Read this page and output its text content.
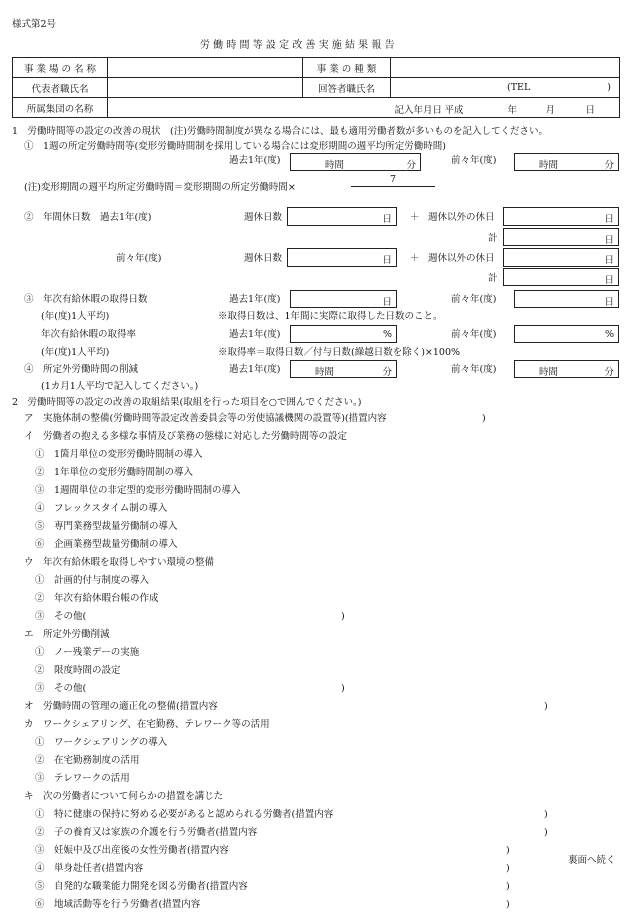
様式第2号
労 働 時 間 等 設 定 改 善 実 施 結 果 報 告
事 業 場 の 名 称		事 業 の 種 類	
代表者職氏名		回答者職氏名	(TEL )

所属集団の名称			記入年月日 平成 年 月 日
1　労働時間等の設定の改善の現状　(注)労働時間制度が異なる場合には、最も適用労働者数が多いものを記入してください。
①　1週の所定労働時間等(変形労働時間制を採用している場合には変形期間の週平均所定労働時間)
過去1年(度)	時間	分	前々年(度)	時間	分
(注)変形期間の週平均所定労働時間＝変形期間の所定労働時間×
7
②　年間休日数　過去1年(度)	週休日数	日 ＋ 週休以外の休日	日
計	日
前々年(度)	週休日数	日 ＋ 週休以外の休日	日
計	日
③　年次有給休暇の取得日数	過去1年(度)	日	前々年(度)	日
(年(度)1人平均)	※取得日数は、1年間に実際に取得した日数のこと。
年次有給休暇の取得率	過去1年(度)	%	前々年(度)	%
(年(度)1人平均)	※取得率＝取得日数／付与日数(繰越日数を除く)×100%
④　所定外労働時間の削減	過去1年(度)	時間	分	前々年(度)	時間	分
(1カ月1人平均で記入してください。)
2　労働時間等の設定の改善の取組結果(取組を行った項目を○で囲んでください。)
ア　実施体制の整備(労働時間等設定改善委員会等の労使協議機関の設置等)(措置内容	)
イ　労働者の抱える多様な事情及び業務の態様に対応した労働時間等の設定
①　1箇月単位の変形労働時間制の導入
②　1年単位の変形労働時間制の導入
③　1週間単位の非定型的変形労働時間制の導入
④　フレックスタイム制の導入
⑤　専門業務型裁量労働制の導入
⑥　企画業務型裁量労働制の導入
ウ　年次有給休暇を取得しやすい環境の整備
①　計画的付与制度の導入
②　年次有給休暇台帳の作成
③　その他(	)
エ　所定外労働削減
①　ノー残業デーの実施
②　限度時間の設定
③　その他(	)
オ　労働時間の管理の適正化の整備(措置内容	)
カ　ワークシェアリング、在宅勤務、テレワーク等の活用
①　ワークシェアリングの導入
②　在宅勤務制度の活用
③　テレワークの活用
キ　次の労働者について何らかの措置を講じた
①　特に健康の保持に努める必要があると認められる労働者(措置内容	)
②　子の養育又は家族の介護を行う労働者(措置内容	)
③　妊娠中及び出産後の女性労働者(措置内容	)
④　単身赴任者(措置内容	)
⑤　自発的な職業能力開発を図る労働者(措置内容	)
⑥　地域活動等を行う労働者(措置内容	)
裏面へ続く
